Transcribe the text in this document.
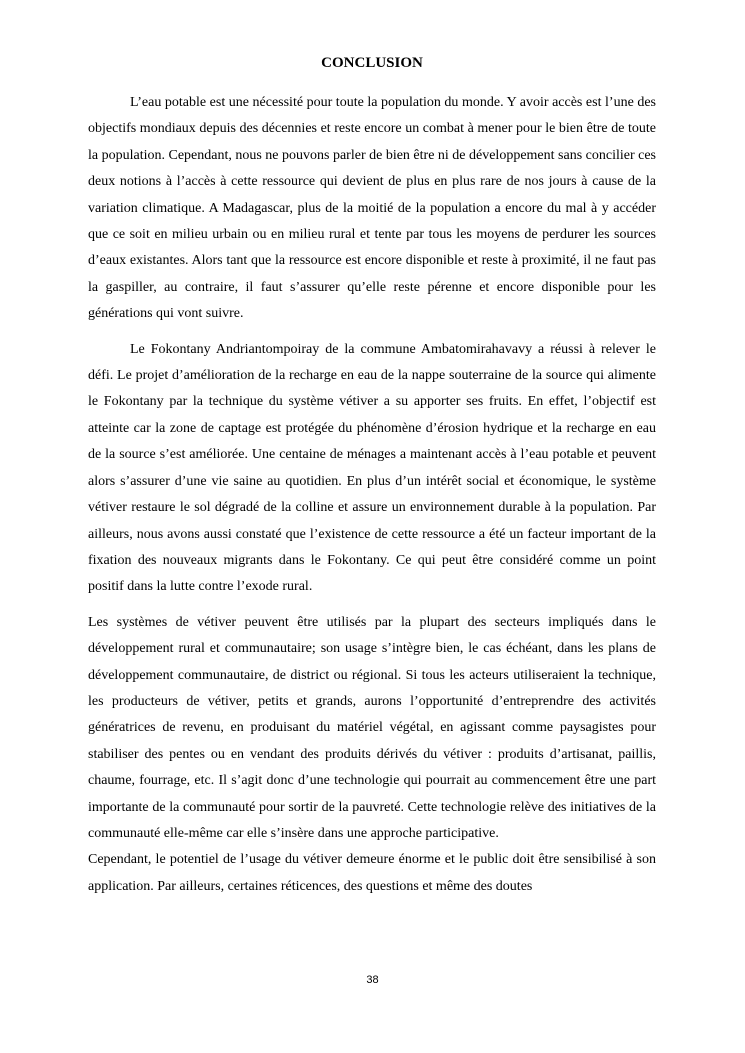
CONCLUSION

L’eau potable est une nécessité pour toute la population du monde. Y avoir accès est l’une des objectifs mondiaux depuis des décennies et reste encore un combat à mener pour le bien être de toute la population. Cependant, nous ne pouvons parler de bien être ni de développement sans concilier ces deux notions à l’accès à cette ressource qui devient de plus en plus rare de nos jours à cause de la variation climatique. A Madagascar, plus de la moitié de la population a encore du mal à y accéder que ce soit en milieu urbain ou en milieu rural et tente par tous les moyens de perdurer les sources d’eaux existantes. Alors tant que la ressource est encore disponible et reste à proximité, il ne faut pas la gaspiller, au contraire, il faut s’assurer qu’elle reste pérenne et encore disponible pour les générations qui vont suivre.

Le Fokontany Andriantompoiray de la commune Ambatomirahavavy a réussi à relever le défi. Le projet d’amélioration de la recharge en eau de la nappe souterraine de la source qui alimente le Fokontany par la technique du système vétiver a su apporter ses fruits. En effet, l’objectif est atteinte car la zone de captage est protégée du phénomène d’érosion hydrique et la recharge en eau de la source s’est améliorée. Une centaine de ménages a maintenant accès à l’eau potable et peuvent alors s’assurer d’une vie saine au quotidien. En plus d’un intérêt social et économique, le système vétiver restaure le sol dégradé de la colline et assure un environnement durable à la population. Par ailleurs, nous avons aussi constaté que l’existence de cette ressource a été un facteur important de la fixation des nouveaux migrants dans le Fokontany. Ce qui peut être considéré comme un point positif dans la lutte contre l’exode rural.

Les systèmes de vétiver peuvent être utilisés par la plupart des secteurs impliqués dans le développement rural et communautaire; son usage s’intègre bien, le cas échéant, dans les plans de développement communautaire, de district ou régional. Si tous les acteurs utiliseraient la technique, les producteurs de vétiver, petits et grands, aurons l’opportunité d’entreprendre des activités génératrices de revenu, en produisant du matériel végétal, en agissant comme paysagistes pour stabiliser des pentes ou en vendant des produits dérivés du vétiver : produits d’artisanat, paillis, chaume, fourrage, etc. Il s’agit donc d’une technologie qui pourrait au commencement être une part importante de la communauté pour sortir de la pauvreté. Cette technologie relève des initiatives de la communauté elle-même car elle s’insère dans une approche participative.

Cependant, le potentiel de l’usage du vétiver demeure énorme et le public doit être sensibilisé à son application. Par ailleurs, certaines réticences, des questions et même des doutes

38
